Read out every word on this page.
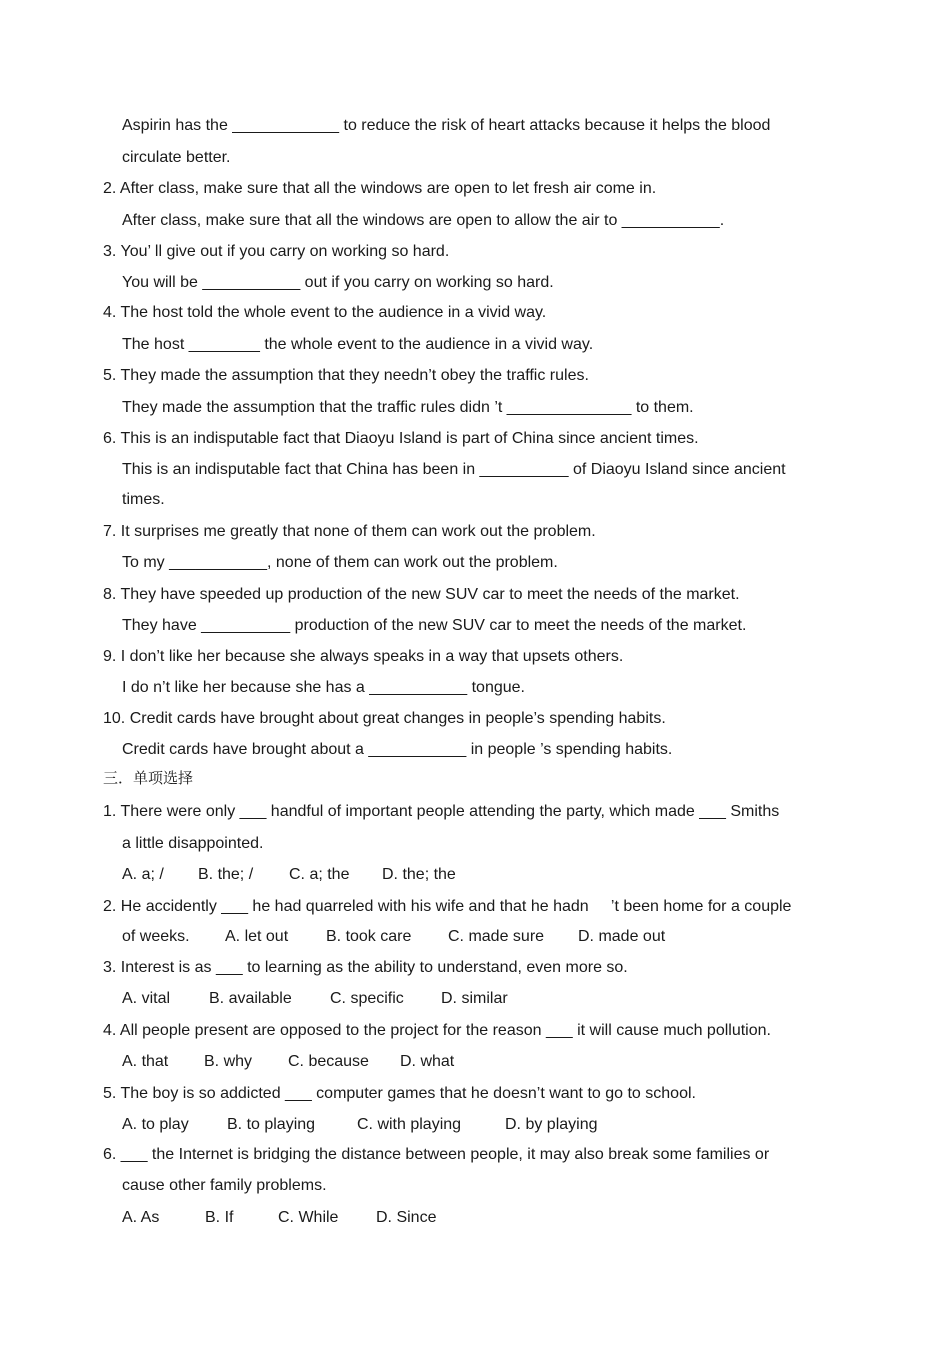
Aspirin has the ____________ to reduce the risk of heart attacks because it helps the blood
circulate better.
2. After class, make sure that all the windows are open to let fresh air come in.
After class, make sure that all the windows are open to allow the air to ___________.
3. You’ ll give out if you carry on working so hard.
You will be ___________ out if you carry on working so hard.
4. The host told the whole event to the audience in a vivid way.
The host ________ the whole event to the audience in a vivid way.
5. They made the assumption that they needn’t obey the traffic rules.
They made the assumption that the traffic rules didn ’t ______________ to them.
6. This is an indisputable fact that Diaoyu Island is part of China since ancient times.
This is an indisputable fact that China has been in __________ of Diaoyu Island since ancient
times.
7. It surprises me greatly that none of them can work out the problem.
To my ___________, none of them can work out the problem.
8. They have speeded up production of the new SUV car to meet the needs of the market.
They have __________ production of the new SUV car to meet the needs of the market.
9. I don’t like her because she always speaks in a way that upsets others.
I do n’t like her because she has a ___________ tongue.
10. Credit cards have brought about great changes in people’s spending habits.
Credit cards have brought about a ___________ in people ’s spending habits.
三．单项选择
1. There were only ___ handful of important people attending the party, which made ___ Smiths
a little disappointed.
A. a; / B. the; / C. a; the D. the; the
2. He accidently ___ he had quarreled with his wife and that he hadn     ’t been home for a couple
of weeks. A. let out B. took care C. made sure D. made out
3. Interest is as ___ to learning as the ability to understand, even more so.
A. vital B. available C. specific D. similar
4. All people present are opposed to the project for the reason ___ it will cause much pollution.
A. that B. why C. because D. what
5. The boy is so addicted ___ computer games that he doesn’t want to go to school.
A. to play B. to playing	C. with playing	D. by playing
6. ___ the Internet is bridging the distance between people, it may also break some families or
cause other family problems.
A. As	B. If	C. While D. Since
